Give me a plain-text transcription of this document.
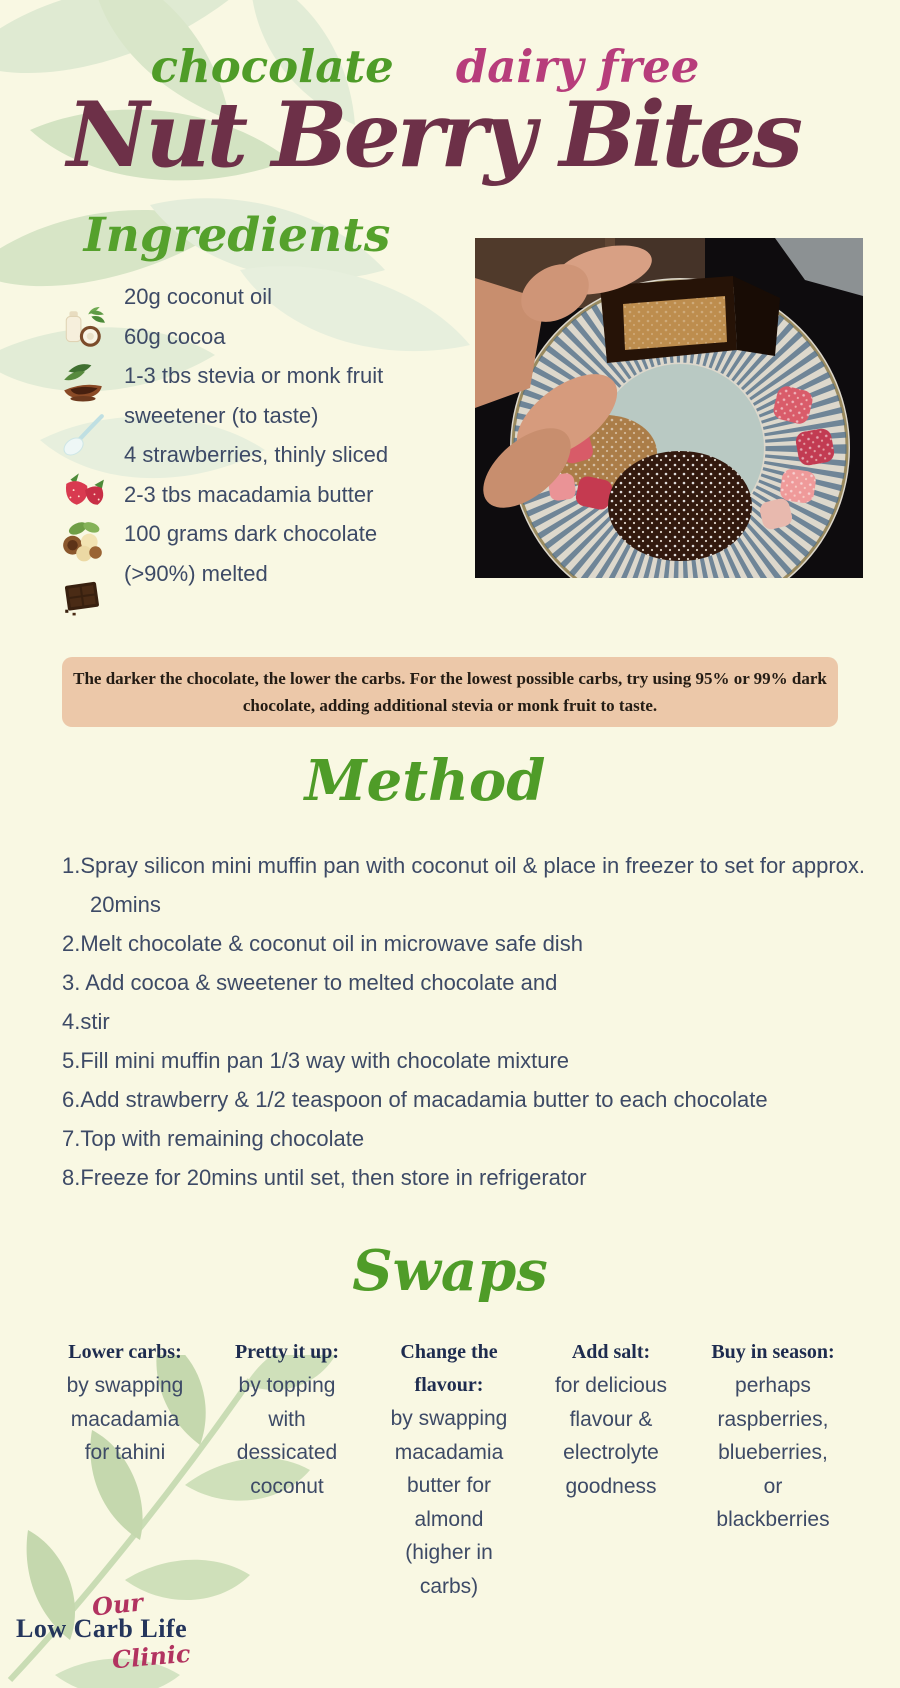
chocolate dairy free
Nut Berry Bites
Ingredients
20g coconut oil
60g cocoa
1-3 tbs stevia or monk fruit
sweetener (to taste)
4 strawberries, thinly sliced
2-3 tbs macadamia butter
100 grams dark chocolate
(>90%) melted
The darker the chocolate, the lower the carbs. For the lowest possible carbs, try using 95% or 99% dark
chocolate, adding additional stevia or monk fruit to taste.
Method
1.Spray silicon mini muffin pan with coconut oil & place in freezer to set for approx. 20mins
2.Melt chocolate & coconut oil in microwave safe dish
3. Add cocoa & sweetener to melted chocolate and
4.stir
5.Fill mini muffin pan 1/3 way with chocolate mixture
6.Add strawberry & 1/2 teaspoon of macadamia butter to each chocolate
7.Top with remaining chocolate
8.Freeze for 20mins until set, then store in refrigerator
Swaps
Lower carbs:
by swapping
macadamia
for tahini
Pretty it up:
by topping
with
dessicated
coconut
Change the flavour:
by swapping
macadamia
butter for
almond
(higher in
carbs)
Add salt:
for delicious
flavour &
electrolyte
goodness
Buy in season:
perhaps
raspberries,
blueberries,
or
blackberries
Our
Low Carb Life
Clinic
